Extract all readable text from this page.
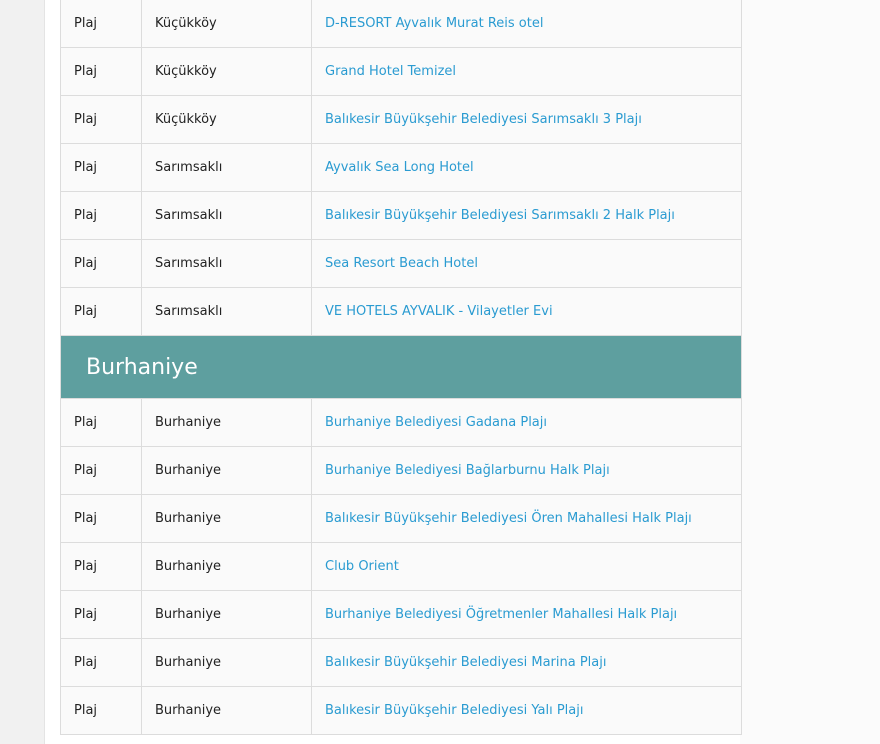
Plaj	Küçükköy	D-RESORT Ayvalık Murat Reis otel
Plaj	Küçükköy	Grand Hotel Temizel
Plaj	Küçükköy	Balıkesir Büyükşehir Belediyesi Sarımsaklı 3 Plajı
Plaj	Sarımsaklı	Ayvalık Sea Long Hotel
Plaj	Sarımsaklı	Balıkesir Büyükşehir Belediyesi Sarımsaklı 2 Halk Plajı
Plaj	Sarımsaklı	Sea Resort Beach Hotel
Plaj	Sarımsaklı	VE HOTELS AYVALIK - Vilayetler Evi
Burhaniye
Plaj	Burhaniye	Burhaniye Belediyesi Gadana Plajı
Plaj	Burhaniye	Burhaniye Belediyesi Bağlarburnu Halk Plajı
Plaj	Burhaniye	Balıkesir Büyükşehir Belediyesi Ören Mahallesi Halk Plajı
Plaj	Burhaniye	Club Orient
Plaj	Burhaniye	Burhaniye Belediyesi Öğretmenler Mahallesi Halk Plajı
Plaj	Burhaniye	Balıkesir Büyükşehir Belediyesi Marina Plajı
Plaj	Burhaniye	Balıkesir Büyükşehir Belediyesi Yalı Plajı
